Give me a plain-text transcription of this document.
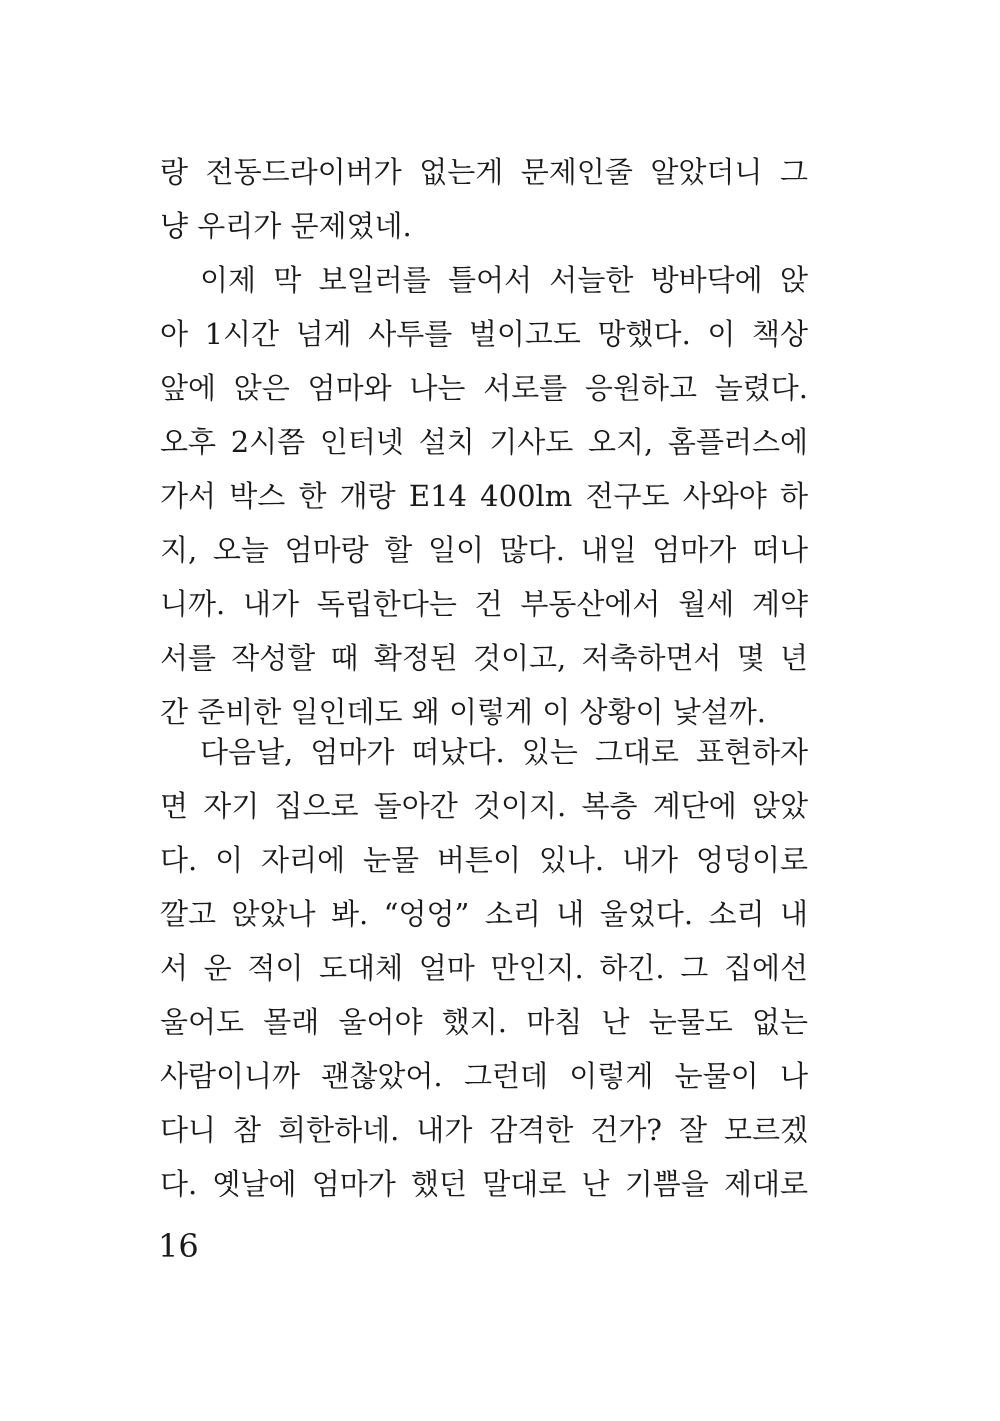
랑 전동드라이버가 없는게 문제인줄 알았더니 그
냥 우리가 문제였네.
이제 막 보일러를 틀어서 서늘한 방바닥에 앉
아 1시간 넘게 사투를 벌이고도 망했다. 이 책상
앞에 앉은 엄마와 나는 서로를 응원하고 놀렸다.
오후 2시쯤 인터넷 설치 기사도 오지, 홈플러스에
가서 박스 한 개랑 E14 400lm 전구도 사와야 하
지, 오늘 엄마랑 할 일이 많다. 내일 엄마가 떠나
니까. 내가 독립한다는 건 부동산에서 월세 계약
서를 작성할 때 확정된 것이고, 저축하면서 몇 년
간 준비한 일인데도 왜 이렇게 이 상황이 낯설까.
다음날, 엄마가 떠났다. 있는 그대로 표현하자
면 자기 집으로 돌아간 것이지. 복층 계단에 앉았
다. 이 자리에 눈물 버튼이 있나. 내가 엉덩이로
깔고 앉았나 봐. “엉엉” 소리 내 울었다. 소리 내
서 운 적이 도대체 얼마 만인지. 하긴. 그 집에선
울어도 몰래 울어야 했지. 마침 난 눈물도 없는
사람이니까 괜찮았어. 그런데 이렇게 눈물이 나
다니 참 희한하네. 내가 감격한 건가? 잘 모르겠
다. 옛날에 엄마가 했던 말대로 난 기쁨을 제대로
16
